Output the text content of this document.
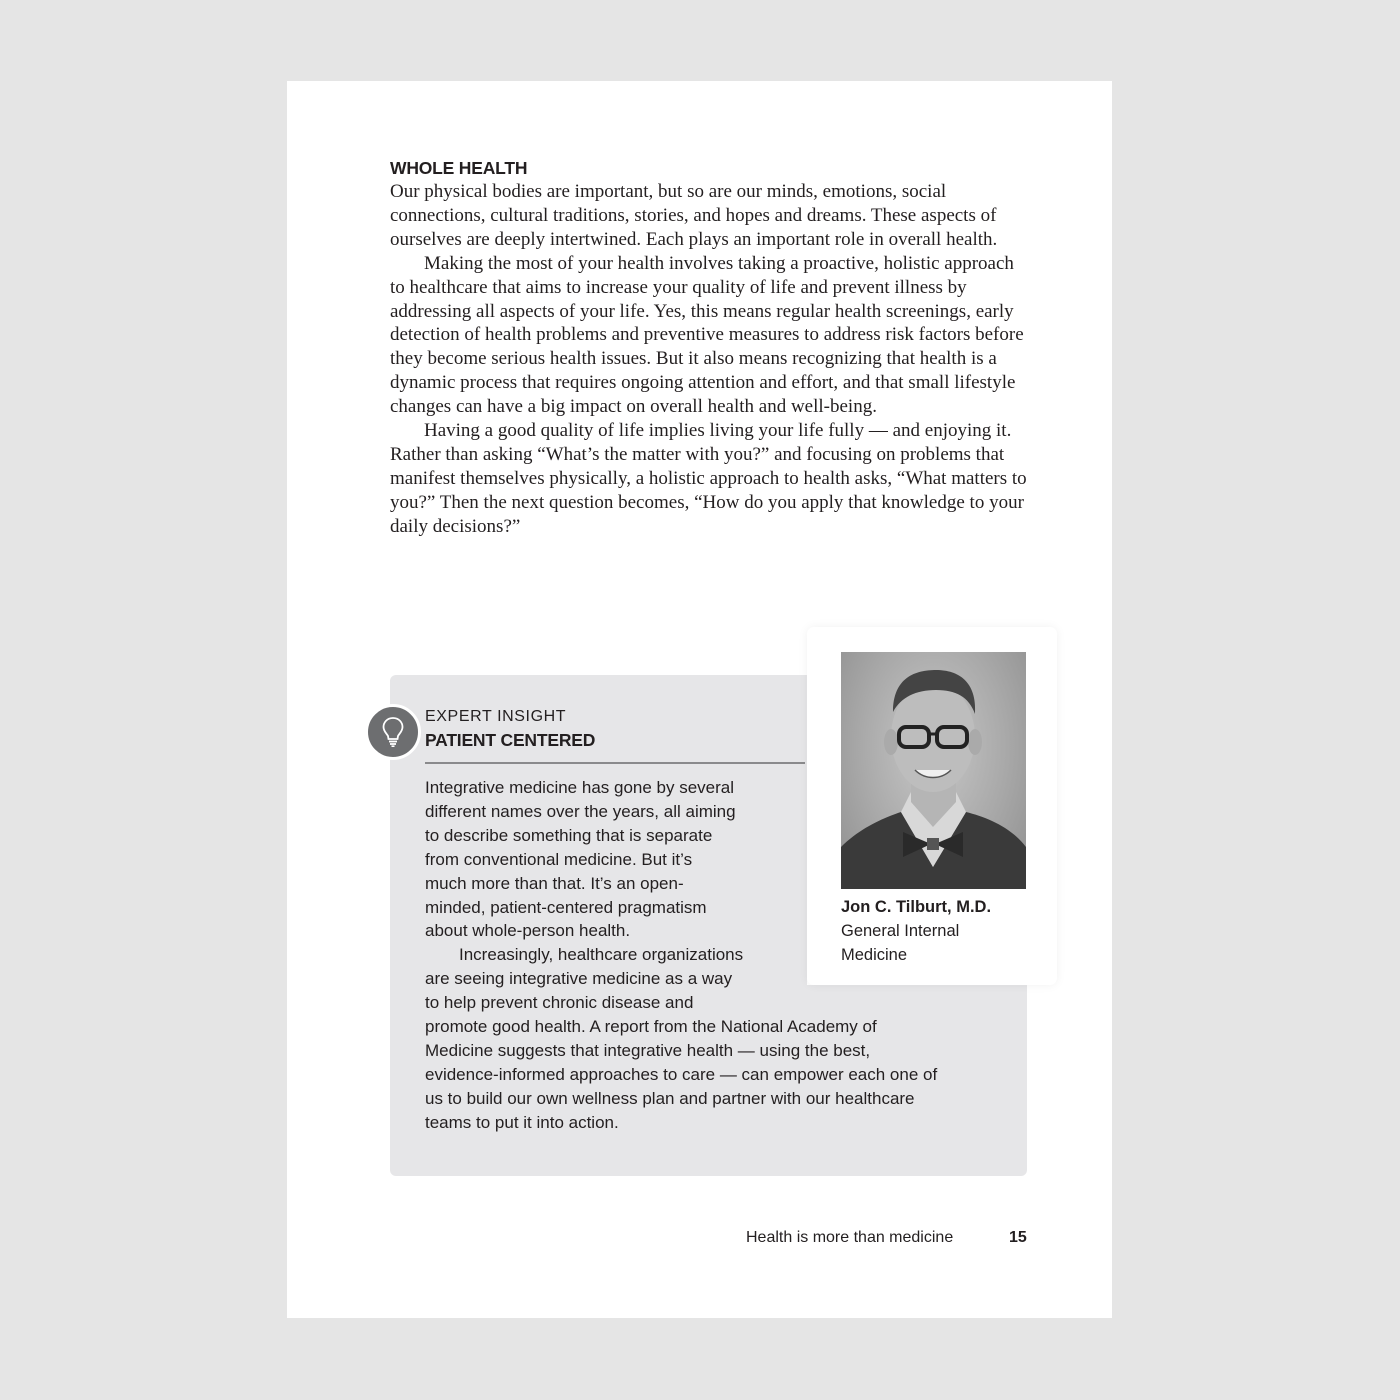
WHOLE HEALTH

Our physical bodies are important, but so are our minds, emotions, social connections, cultural traditions, stories, and hopes and dreams. These aspects of ourselves are deeply intertwined. Each plays an important role in overall health.

Making the most of your health involves taking a proactive, holistic approach to healthcare that aims to increase your quality of life and prevent illness by addressing all aspects of your life. Yes, this means regular health screenings, early detection of health problems and preventive measures to address risk factors before they become serious health issues. But it also means recognizing that health is a dynamic process that requires ongoing attention and effort, and that small lifestyle changes can have a big impact on overall health and well-being.

Having a good quality of life implies living your life fully — and enjoying it. Rather than asking “What’s the matter with you?” and focusing on problems that manifest themselves physically, a holistic approach to health asks, “What matters to you?” Then the next question becomes, “How do you apply that knowledge to your daily decisions?”

EXPERT INSIGHT
PATIENT CENTERED
Integrative medicine has gone by several
different names over the years, all aiming
to describe something that is separate
from conventional medicine. But it’s
much more than that. It’s an open-
minded, patient-centered pragmatism
about whole-person health.
Increasingly, healthcare organizations
are seeing integrative medicine as a way
to help prevent chronic disease and
promote good health. A report from the National Academy of
Medicine suggests that integrative health — using the best,
evidence-informed approaches to care — can empower each one of
us to build our own wellness plan and partner with our healthcare
teams to put it into action.
Jon C. Tilburt, M.D.
General Internal Medicine
Health is more than medicine	15
